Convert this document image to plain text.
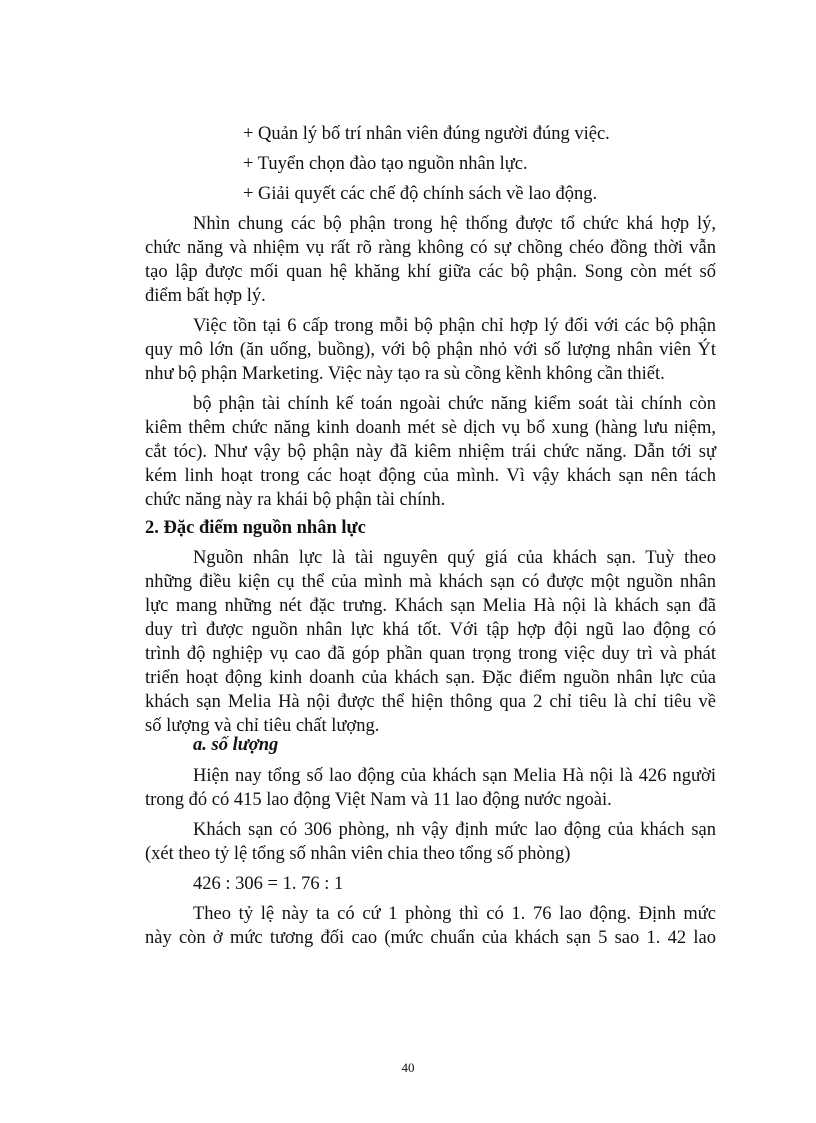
+ Quản lý bố trí nhân viên đúng người đúng việc.
+ Tuyển chọn đào tạo nguồn nhân lực.
+ Giải quyết các chế độ chính sách về lao động.
Nhìn chung các bộ phận trong hệ thống được tổ chức khá hợp lý,
chức năng và nhiệm vụ rất rõ ràng không có sự chồng chéo đồng thời vẫn
tạo lập được mối quan hệ khăng khí giữa các bộ phận. Song còn mét số
điểm bất hợp lý.
Việc tồn tại 6 cấp trong mỗi bộ phận chỉ hợp lý đối với các bộ phận
quy mô lớn (ăn uống, buồng), với bộ phận nhỏ với số lượng nhân viên Ýt
như bộ phận Marketing. Việc này tạo ra sù cồng kềnh không cần thiết.
bộ phận tài chính kế toán ngoài chức năng kiểm soát tài chính còn
kiêm thêm chức năng kinh doanh mét sè dịch vụ bổ xung (hàng lưu niệm,
cắt tóc). Như vậy bộ phận này đã kiêm nhiệm trái chức năng. Dẫn tới sự
kém linh hoạt trong các hoạt động của mình. Vì vậy khách sạn nên tách
chức năng này ra khái bộ phận tài chính.
2. Đặc điểm nguồn nhân lực
Nguồn nhân lực là tài nguyên quý giá của khách sạn. Tuỳ theo
những điều kiện cụ thể của mình mà khách sạn có được một nguồn nhân
lực mang những nét đặc trưng. Khách sạn Melia Hà nội là khách sạn đã
duy trì được nguồn nhân lực khá tốt. Với tập hợp đội ngũ lao động có
trình độ nghiệp vụ cao đã góp phần quan trọng trong việc duy trì và phát
triển hoạt động kinh doanh của khách sạn. Đặc điểm nguồn nhân lực của
khách sạn Melia Hà nội được thể hiện thông qua 2 chỉ tiêu là chỉ tiêu về
số lượng và chỉ tiêu chất lượng.
a. số lượng
Hiện nay tổng số lao động của khách sạn Melia Hà nội là 426 người
trong đó có 415 lao động Việt Nam và 11 lao động nước ngoài.
Khách sạn có 306 phòng, nh vậy định mức lao động của khách sạn
(xét theo tỷ lệ tổng số nhân viên chia theo tổng số phòng)
426 : 306 = 1. 76 : 1
Theo tỷ lệ này ta có cứ 1 phòng thì có 1. 76 lao động. Định mức
này còn ở mức tương đối cao (mức chuẩn của khách sạn 5 sao 1. 42 lao
40
